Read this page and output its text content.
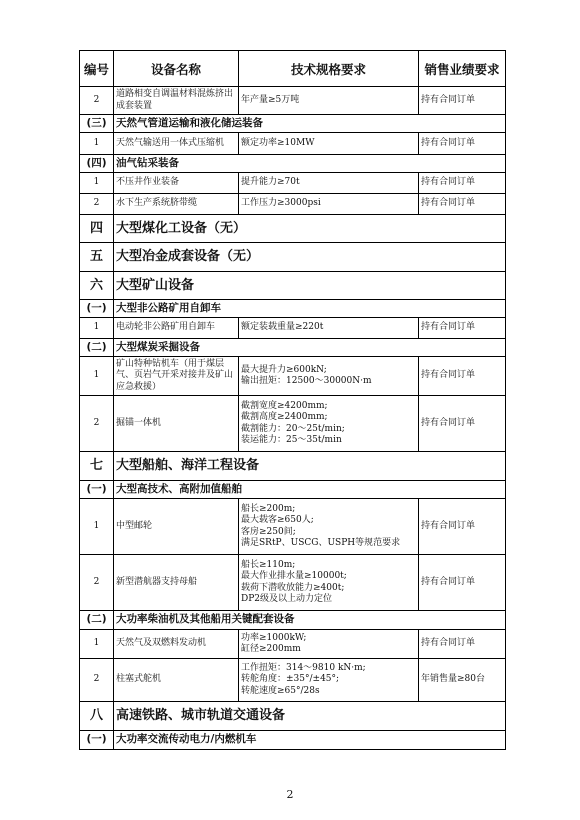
编号	设备名称	技术规格要求	销售业绩要求
2	道路相变自调温材料混炼挤出成套装置	年产量≥5万吨	持有合同订单
(三)	天然气管道运输和液化储运装备		
1	天然气输送用一体式压缩机	额定功率≥10MW	持有合同订单
(四)	油气钻采装备		
1	不压井作业装备	提升能力≥70t	持有合同订单
2	水下生产系统脐带缆	工作压力≥3000psi	持有合同订单
四	大型煤化工设备（无）		
五	大型冶金成套设备（无）		
六	大型矿山设备		
(一)	大型非公路矿用自卸车		
1	电动轮非公路矿用自卸车	额定装载重量≥220t	持有合同订单
(二)	大型煤炭采掘设备		
1	矿山特种钻机车（用于煤层气、页岩气开采对接井及矿山应急救援）	最大提升力≥600kN;
输出扭矩：12500～30000N·m	持有合同订单
2	掘锚一体机	截割宽度≥4200mm;
截割高度≥2400mm;
截割能力：20～25t/min;
装运能力：25～35t/min	持有合同订单
七	大型船舶、海洋工程设备		
(一)	大型高技术、高附加值船舶		
1	中型邮轮	船长≥200m;
最大载客≥650人;
客房≥250间;
满足SRtP、USCG、USPH等规范要求	持有合同订单
2	新型潜航器支持母船	船长≥110m;
最大作业排水量≥10000t;
载荷下潜收放能力≥400t;
DP2级及以上动力定位	持有合同订单
(二)	大功率柴油机及其他船用关键配套设备		
1	天然气及双燃料发动机	功率≥1000kW;
缸径≥200mm	持有合同订单
2	柱塞式舵机	工作扭矩：314～9810 kN·m;
转舵角度：±35°/±45°;
转舵速度≥65°/28s	年销售量≥80台
八	高速铁路、城市轨道交通设备		
(一)	大功率交流传动电力/内燃机车		
2
